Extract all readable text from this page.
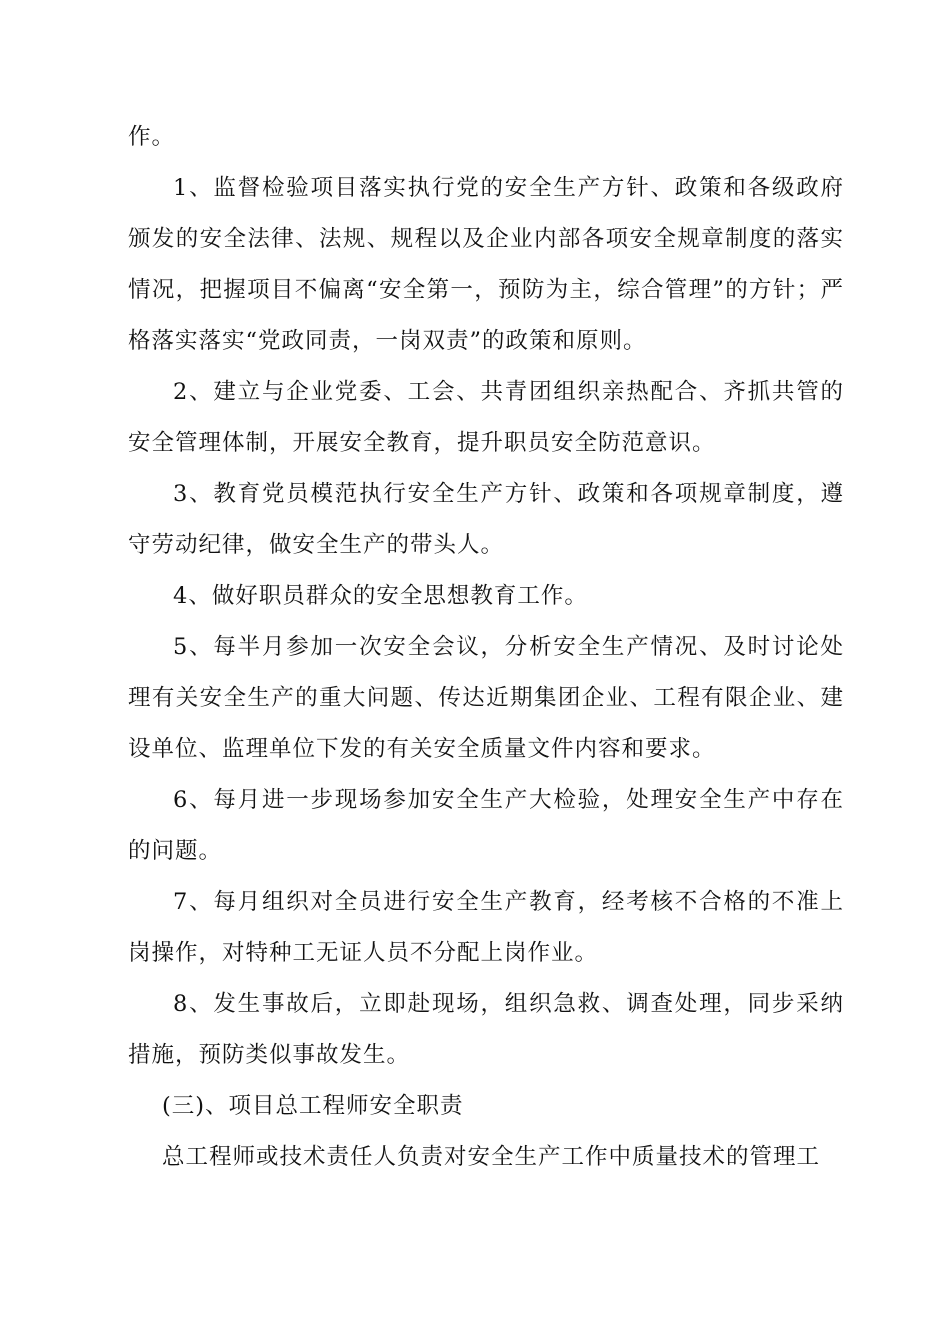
作。

1、监督检验项目落实执行党的安全生产方针、政策和各级政府颁发的安全法律、法规、规程以及企业内部各项安全规章制度的落实情况，把握项目不偏离“安全第一，预防为主，综合管理”的方针；严格落实落实“党政同责，一岗双责”的政策和原则。

2、建立与企业党委、工会、共青团组织亲热配合、齐抓共管的安全管理体制，开展安全教育，提升职员安全防范意识。

3、教育党员模范执行安全生产方针、政策和各项规章制度，遵守劳动纪律，做安全生产的带头人。

4、做好职员群众的安全思想教育工作。

5、每半月参加一次安全会议，分析安全生产情况、及时讨论处理有关安全生产的重大问题、传达近期集团企业、工程有限企业、建设单位、监理单位下发的有关安全质量文件内容和要求。

6、每月进一步现场参加安全生产大检验，处理安全生产中存在的问题。

7、每月组织对全员进行安全生产教育，经考核不合格的不准上岗操作，对特种工无证人员不分配上岗作业。

8、发生事故后，立即赴现场，组织急救、调查处理，同步采纳措施，预防类似事故发生。

(三)、项目总工程师安全职责

总工程师或技术责任人负责对安全生产工作中质量技术的管理工
